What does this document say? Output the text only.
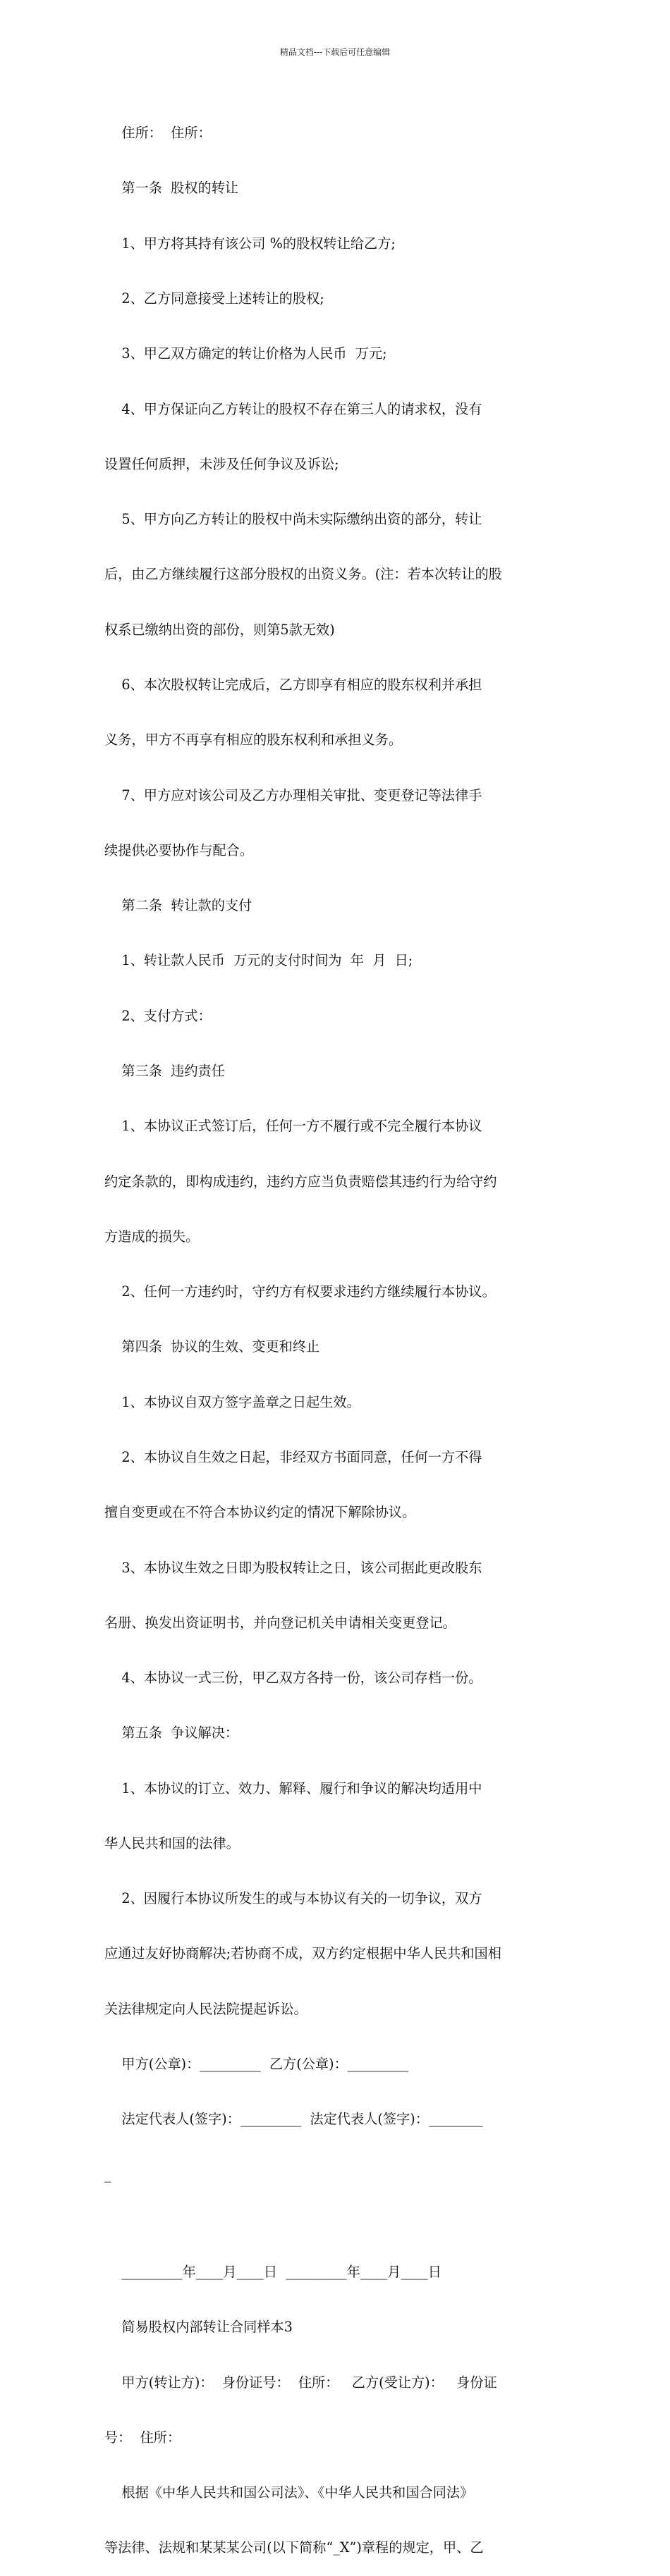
精品文档---下载后可任意编辑

住所：  住所：

第一条  股权的转让

1、甲方将其持有该公司 %的股权转让给乙方;

2、乙方同意接受上述转让的股权;

3、甲乙双方确定的转让价格为人民币  万元;

4、甲方保证向乙方转让的股权不存在第三人的请求权，没有

设置任何质押，未涉及任何争议及诉讼;

5、甲方向乙方转让的股权中尚未实际缴纳出资的部分，转让

后，由乙方继续履行这部分股权的出资义务。(注：若本次转让的股

权系已缴纳出资的部份，则第5款无效)

6、本次股权转让完成后，乙方即享有相应的股东权利并承担

义务，甲方不再享有相应的股东权利和承担义务。

7、甲方应对该公司及乙方办理相关审批、变更登记等法律手

续提供必要协作与配合。

第二条  转让款的支付

1、转让款人民币  万元的支付时间为  年  月  日;

2、支付方式：

第三条  违约责任

1、本协议正式签订后，任何一方不履行或不完全履行本协议

约定条款的，即构成违约，违约方应当负责赔偿其违约行为给守约

方造成的损失。

2、任何一方违约时，守约方有权要求违约方继续履行本协议。

第四条  协议的生效、变更和终止

1、本协议自双方签字盖章之日起生效。

2、本协议自生效之日起，非经双方书面同意，任何一方不得

擅自变更或在不符合本协议约定的情况下解除协议。

3、本协议生效之日即为股权转让之日，该公司据此更改股东

名册、换发出资证明书，并向登记机关申请相关变更登记。

4、本协议一式三份，甲乙双方各持一份，该公司存档一份。

第五条  争议解决：

1、本协议的订立、效力、解释、履行和争议的解决均适用中

华人民共和国的法律。

2、因履行本协议所发生的或与本协议有关的一切争议，双方

应通过友好协商解决;若协商不成，双方约定根据中华人民共和国相

关法律规定向人民法院提起诉讼。

甲方(公章)：_________  乙方(公章)：_________

法定代表人(签字)：_________  法定代表人(签字)：________

_

_________年____月____日  _________年____月____日

简易股权内部转让合同样本3

甲方(转让方)：  身份证号：  住所：   乙方(受让方)：   身份证

号：  住所：

根据《中华人民共和国公司法》、《中华人民共和国合同法》

等法律、法规和某某某公司(以下简称“_X”)章程的规定，甲、乙
